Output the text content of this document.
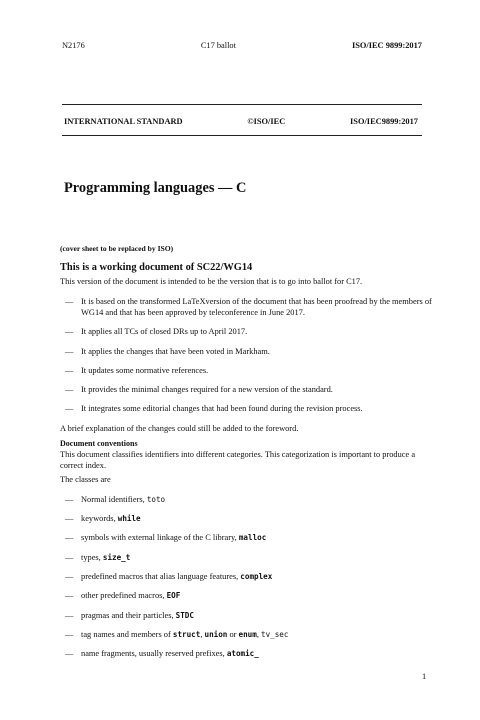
N2176	C17 ballot	ISO/IEC 9899:2017
INTERNATIONAL STANDARD	©ISO/IEC	ISO/IEC9899:2017
Programming languages — C
(cover sheet to be replaced by ISO)
This is a working document of SC22/WG14

This version of the document is intended to be the version that is to go into ballot for C17.

— It is based on the transformed LaTeXversion of the document that has been proofread by the members of WG14 and that has been approved by teleconference in June 2017.
— It applies all TCs of closed DRs up to April 2017.
— It applies the changes that have been voted in Markham.
— It updates some normative references.
— It provides the minimal changes required for a new version of the standard.
— It integrates some editorial changes that had been found during the revision process.

A brief explanation of the changes could still be added to the foreword.

Document conventions

This document classifies identifiers into different categories. This categorization is important to produce a correct index.

The classes are

— Normal identifiers, toto
— keywords, while
— symbols with external linkage of the C library, malloc
— types, size_t
— predefined macros that alias language features, complex
— other predefined macros, EOF
— pragmas and their particles, STDC
— tag names and members of struct, union or enum, tv_sec
— name fragments, usually reserved prefixes, atomic_
1
